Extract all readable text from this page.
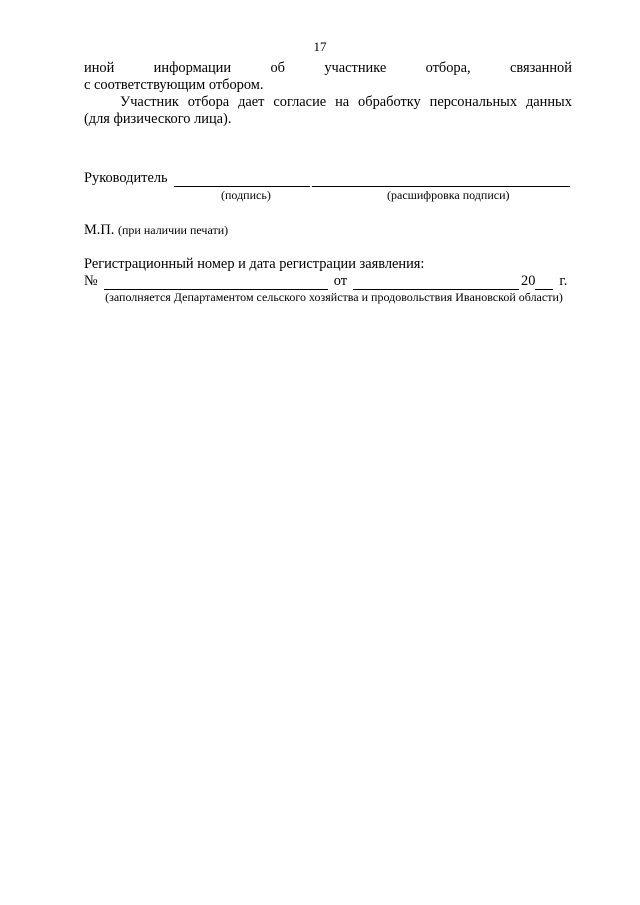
17
иной	информации	об	участнике	отбора,	связанной
с соответствующим отбором.
Участник отбора дает согласие на обработку персональных данных
(для физического лица).
Руководитель
(подпись)	(расшифровка подписи)
М.П. (при наличии печати)
Регистрационный номер и дата регистрации заявления:
№	от	20 г.
(заполняется Департаментом сельского хозяйства и продовольствия Ивановской области)
